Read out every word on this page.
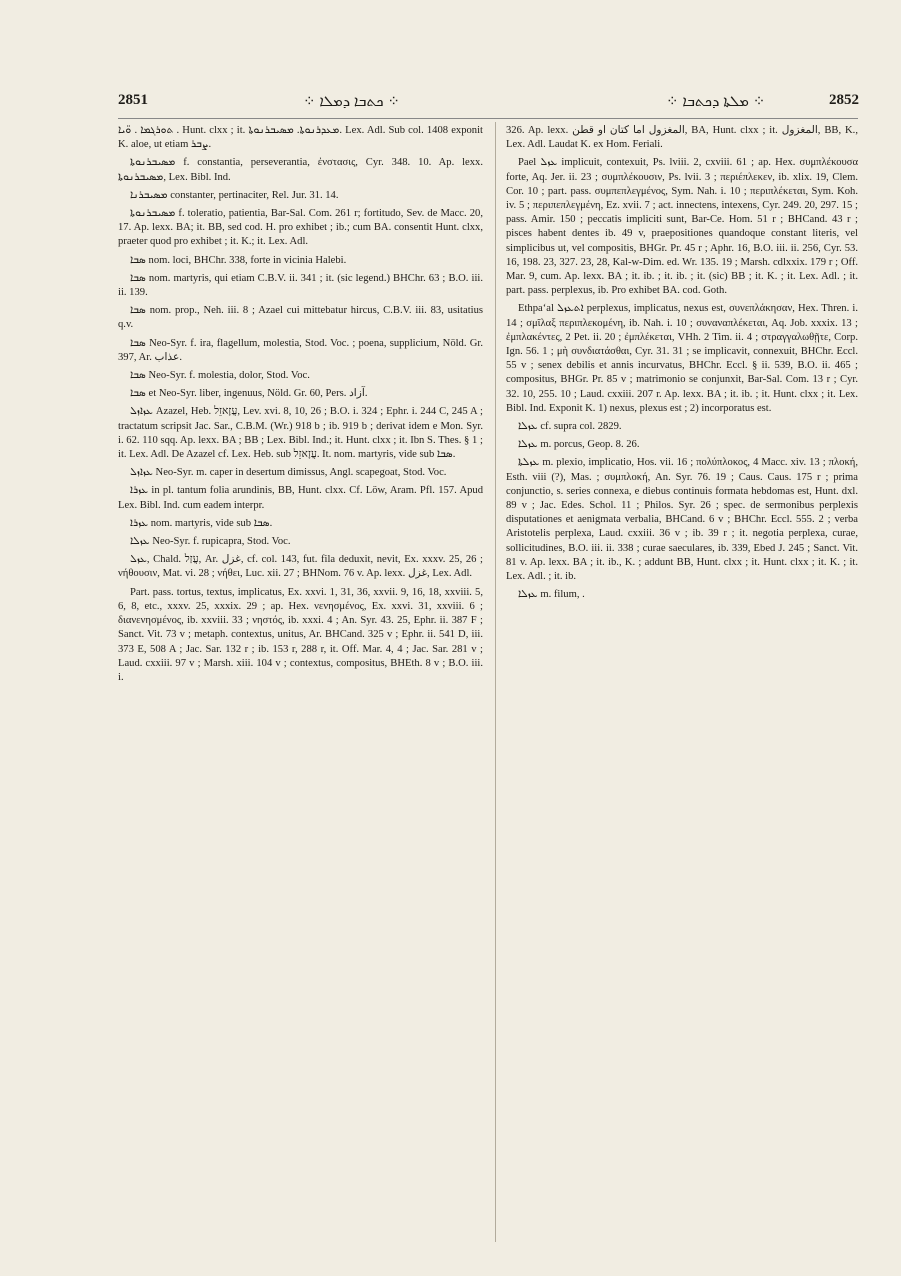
2851	⁘ ܟܬܒܐ ܕܡܠܐ ⁘	⁘ ܡܠܬܐ ܕܟܬܒܐ ⁘	2852

ܬܘܪܓܡܐ . ܘ̈ܝܐ . Hunt. clxx ; it. ܡܥܕܪܢܘܬܐ. ܡܣܝܒܪܢܘܬܐ. Lex. Adl. Sub col. 1408 exponit K. aloe, ut etiam ܨܒܪ.

ܡܣܝܒܪܢܘܬܐ f. constantia, perseverantia, ἐνστασις, Cyr. 348. 10. Ap. lexx. ܡܣܝܒܪܢܘܬܐ, Lex. Bibl. Ind.

ܡܣܝܒܪܢܐ constanter, pertinaciter, Rel. Jur. 31. 14.

ܡܣܝܒܪܢܘܬܐ f. toleratio, patientia, Bar-Sal. Com. 261 r; fortitudo, Sev. de Macc. 20, 17. Ap. lexx. BA; it. BB, sed cod. H. pro exhibet ; ib.; cum BA. consentit Hunt. clxx, praeter quod pro exhibet ; it. K.; it. Lex. Adl.

ܣܒܐ nom. loci, BHChr. 338, forte in vicinia Halebi.

ܣܒܐ nom. martyris, qui etiam C.B.V. ii. 341 ; it. (sic legend.) BHChr. 63 ; B.O. iii. ii. 139.

ܣܒܐ nom. prop., Neh. iii. 8 ; Azael cui mittebatur hircus, C.B.V. iii. 83, usitatius q.v.

ܣܒܐ Neo-Syr. f. ira, flagellum, molestia, Stod. Voc. ; poena, supplicium, Nöld. Gr. 397, Ar. عذاب.

ܣܒܐ Neo-Syr. f. molestia, dolor, Stod. Voc.

ܣܒܐ et Neo-Syr. liber, ingenuus, Nöld. Gr. 60, Pers. آزاد.

ܥܙܐܙܠ Azazel, Heb. עֲזָאזֵל, Lev. xvi. 8, 10, 26 ; B.O. i. 324 ; Ephr. i. 244 C, 245 A ; tractatum scripsit Jac. Sar., C.B.M. (Wr.) 918 b ; ib. 919 b ; derivat idem e Mon. Syr. i. 62. 110 sqq. Ap. lexx. BA ; BB ; Lex. Bibl. Ind.; it. Hunt. clxx ; it. Ibn S. Thes. § 1 ; it. Lex. Adl. De Azazel cf. Lex. Heb. sub עֲזָאזֵל. It. nom. martyris, vide sub ܣܒܐ.

ܥܙܐܙܠ Neo-Syr. m. caper in desertum dimissus, Angl. scapegoat, Stod. Voc.

ܥܙܪܐ in pl. tantum folia arundinis, BB, Hunt. clxx. Cf. Löw, Aram. Pfl. 157. Apud Lex. Bibl. Ind. cum eadem interpr.

ܥܙܪܐ nom. martyris, vide sub ܣܒܐ.

ܥܙܠܐ Neo-Syr. f. rupicapra, Stod. Voc.

ܥܙܠ, Chald. עֲזַל, Ar. غزل, cf. col. 143, fut. fila deduxit, nevit, Ex. xxxv. 25, 26 ; νήθουσιν, Mat. vi. 28 ; νήθει, Luc. xii. 27 ; BHNom. 76 v. Ap. lexx. غزل, Lex. Adl.

Part. pass. tortus, textus, implicatus, Ex. xxvi. 1, 31, 36, xxvii. 9, 16, 18, xxviii. 5, 6, 8, etc., xxxv. 25, xxxix. 29 ; ap. Hex. νενησμένος, Ex. xxvi. 31, xxviii. 6 ; διανενησμένος, ib. xxviii. 33 ; νηστός, ib. xxxi. 4 ; An. Syr. 43. 25, Ephr. ii. 387 F ; Sanct. Vit. 73 v ; metaph. contextus, unitus, Ar. BHCand. 325 v ; Ephr. ii. 541 D, iii. 373 E, 508 A ; Jac. Sar. 132 r ; ib. 153 r, 288 r, it. Off. Mar. 4, 4 ; Jac. Sar. 281 v ; Laud. cxxiii. 97 v ; Marsh. xiii. 104 v ; contextus, compositus, BHEth. 8 v ; B.O. iii. i.

326. Ap. lexx. المغزول اما كتان او قطن, BA, Hunt. clxx ; it. المغزول, BB, K., Lex. Adl. Laudat K. ex Hom. Feriali.

Pael ܥܙܠ implicuit, contexuit, Ps. lviii. 2, cxviii. 61 ; ap. Hex. συμπλέκουσα forte, Aq. Jer. ii. 23 ; συμπλέκουσιν, Ps. lvii. 3 ; περιέπλεκεν, ib. xlix. 19, Clem. Cor. 10 ; part. pass. συμπεπλεγμένος, Sym. Nah. i. 10 ; περιπλέκεται, Sym. Koh. iv. 5 ; περιπεπλεγμένη, Ez. xvii. 7 ; act. innectens, intexens, Cyr. 249. 20, 297. 15 ; pass. Amir. 150 ; peccatis impliciti sunt, Bar-Ce. Hom. 51 r ; BHCand. 43 r ; pisces habent dentes ib. 49 v, praepositiones quandoque constant literis, vel simplicibus ut, vel compositis, BHGr. Pr. 45 r ; Aphr. 16, B.O. iii. ii. 256, Cyr. 53. 16, 198. 23, 327. 23, 28, Kal-w-Dim. ed. Wr. 135. 19 ; Marsh. cdlxxix. 179 r ; Off. Mar. 9, cum. Ap. lexx. BA ; it. ib. ; it. ib. ; it. (sic) BB ; it. K. ; it. Lex. Adl. ; it. part. pass. perplexus, ib. Pro exhibet BA. cod. Goth.

Ethpaʻal ܐܬܥܙܠ perplexus, implicatus, nexus est, συνεπλάκησαν, Hex. Thren. i. 14 ; σμῖλαξ περιπλεκομένη, ib. Nah. i. 10 ; συναναπλέκεται, Aq. Job. xxxix. 13 ; ἐμπλακέντες, 2 Pet. ii. 20 ; ἐμπλέκεται, VHh. 2 Tim. ii. 4 ; στραγγαλωθῇτε, Corp. Ign. 56. 1 ; μὴ συνδιατάσθαι, Cyr. 31. 31 ; se implicavit, connexuit, BHChr. Eccl. 55 v ; senex debilis et annis incurvatus, BHChr. Eccl. § ii. 539, B.O. ii. 465 ; compositus, BHGr. Pr. 85 v ; matrimonio se conjunxit, Bar-Sal. Com. 13 r ; Cyr. 32. 10, 255. 10 ; Laud. cxxiii. 207 r. Ap. lexx. BA ; it. ib. ; it. Hunt. clxx ; it. Lex. Bibl. Ind. Exponit K. 1) nexus, plexus est ; 2) incorporatus est.

ܥܙܠܐ cf. supra col. 2829.

ܥܙܠܐ m. porcus, Geop. 8. 26.

ܥܙܠܬܐ m. plexio, implicatio, Hos. vii. 16 ; πολύπλοκος, 4 Macc. xiv. 13 ; πλοκή, Esth. viii (?), Mas. ; συμπλοκή, An. Syr. 76. 19 ; Caus. Caus. 175 r ; prima conjunctio, s. series connexa, e diebus continuis formata hebdomas est, Hunt. dxl. 89 v ; Jac. Edes. Schol. 11 ; Philos. Syr. 26 ; spec. de sermonibus perplexis disputationes et aenigmata verbalia, BHCand. 6 v ; BHChr. Eccl. 555. 2 ; verba Aristotelis perplexa, Laud. cxxiii. 36 v ; ib. 39 r ; it. negotia perplexa, curae, sollicitudines, B.O. iii. ii. 338 ; curae saeculares, ib. 339, Ebed J. 245 ; Sanct. Vit. 81 v. Ap. lexx. BA ; it. ib., K. ; addunt BB, Hunt. clxx ; it. Hunt. clxx ; it. K. ; it. Lex. Adl. ; it. ib.

ܥܙܠܐ m. filum, .
